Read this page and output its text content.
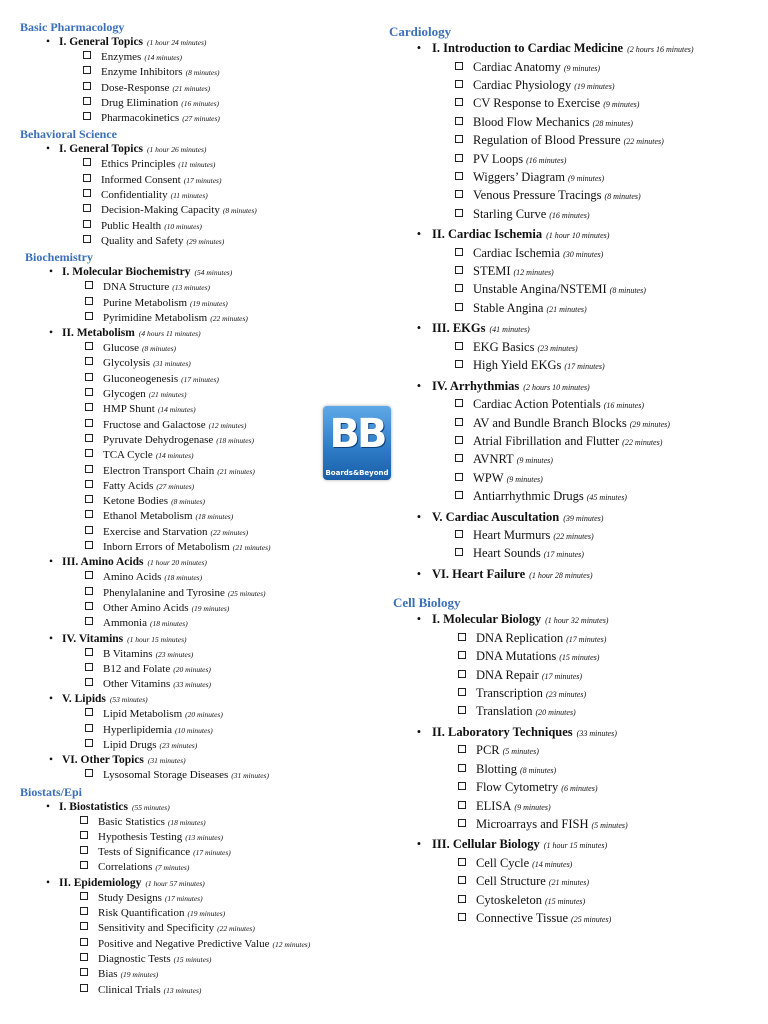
Basic Pharmacology
• I. General Topics (1 hour 24 minutes)
Enzymes (14 minutes)
Enzyme Inhibitors (8 minutes)
Dose-Response (21 minutes)
Drug Elimination (16 minutes)
Pharmacokinetics (27 minutes)
Behavioral Science
• I. General Topics (1 hour 26 minutes)
Ethics Principles (11 minutes)
Informed Consent (17 minutes)
Confidentiality (11 minutes)
Decision-Making Capacity (8 minutes)
Public Health (10 minutes)
Quality and Safety (29 minutes)
Biochemistry
• I. Molecular Biochemistry (54 minutes)
DNA Structure (13 minutes)
Purine Metabolism (19 minutes)
Pyrimidine Metabolism (22 minutes)
• II. Metabolism (4 hours 11 minutes)
Glucose (8 minutes)
Glycolysis (31 minutes)
Gluconeogenesis (17 minutes)
Glycogen (21 minutes)
HMP Shunt (14 minutes)
Fructose and Galactose (12 minutes)
Pyruvate Dehydrogenase (18 minutes)
TCA Cycle (14 minutes)
Electron Transport Chain (21 minutes)
Fatty Acids (27 minutes)
Ketone Bodies (8 minutes)
Ethanol Metabolism (18 minutes)
Exercise and Starvation (22 minutes)
Inborn Errors of Metabolism (21 minutes)
• III. Amino Acids (1 hour 20 minutes)
Amino Acids (18 minutes)
Phenylalanine and Tyrosine (25 minutes)
Other Amino Acids (19 minutes)
Ammonia (18 minutes)
• IV. Vitamins (1 hour 15 minutes)
B Vitamins (23 minutes)
B12 and Folate (20 minutes)
Other Vitamins (33 minutes)
• V. Lipids (53 minutes)
Lipid Metabolism (20 minutes)
Hyperlipidemia (10 minutes)
Lipid Drugs (23 minutes)
• VI. Other Topics (31 minutes)
Lysosomal Storage Diseases (31 minutes)
Biostats/Epi
• I. Biostatistics (55 minutes)
Basic Statistics (18 minutes)
Hypothesis Testing (13 minutes)
Tests of Significance (17 minutes)
Correlations (7 minutes)
• II. Epidemiology (1 hour 57 minutes)
Study Designs (17 minutes)
Risk Quantification (19 minutes)
Sensitivity and Specificity (22 minutes)
Positive and Negative Predictive Value (12 minutes)
Diagnostic Tests (15 minutes)
Bias (19 minutes)
Clinical Trials (13 minutes)
Cardiology
• I. Introduction to Cardiac Medicine (2 hours 16 minutes)
Cardiac Anatomy (9 minutes)
Cardiac Physiology (19 minutes)
CV Response to Exercise (9 minutes)
Blood Flow Mechanics (28 minutes)
Regulation of Blood Pressure (22 minutes)
PV Loops (16 minutes)
Wiggers’ Diagram (9 minutes)
Venous Pressure Tracings (8 minutes)
Starling Curve (16 minutes)
• II. Cardiac Ischemia (1 hour 10 minutes)
Cardiac Ischemia (30 minutes)
STEMI (12 minutes)
Unstable Angina/NSTEMI (8 minutes)
Stable Angina (21 minutes)
• III. EKGs (41 minutes)
EKG Basics (23 minutes)
High Yield EKGs (17 minutes)
• IV. Arrhythmias (2 hours 10 minutes)
Cardiac Action Potentials (16 minutes)
AV and Bundle Branch Blocks (29 minutes)
Atrial Fibrillation and Flutter (22 minutes)
AVNRT (9 minutes)
WPW (9 minutes)
Antiarrhythmic Drugs (45 minutes)
• V. Cardiac Auscultation (39 minutes)
Heart Murmurs (22 minutes)
Heart Sounds (17 minutes)
• VI. Heart Failure (1 hour 28 minutes)
Cell Biology
• I. Molecular Biology (1 hour 32 minutes)
DNA Replication (17 minutes)
DNA Mutations (15 minutes)
DNA Repair (17 minutes)
Transcription (23 minutes)
Translation (20 minutes)
• II. Laboratory Techniques (33 minutes)
PCR (5 minutes)
Blotting (8 minutes)
Flow Cytometry (6 minutes)
ELISA (9 minutes)
Microarrays and FISH (5 minutes)
• III. Cellular Biology (1 hour 15 minutes)
Cell Cycle (14 minutes)
Cell Structure (21 minutes)
Cytoskeleton (15 minutes)
Connective Tissue (25 minutes)
BB
Boards&Beyond
